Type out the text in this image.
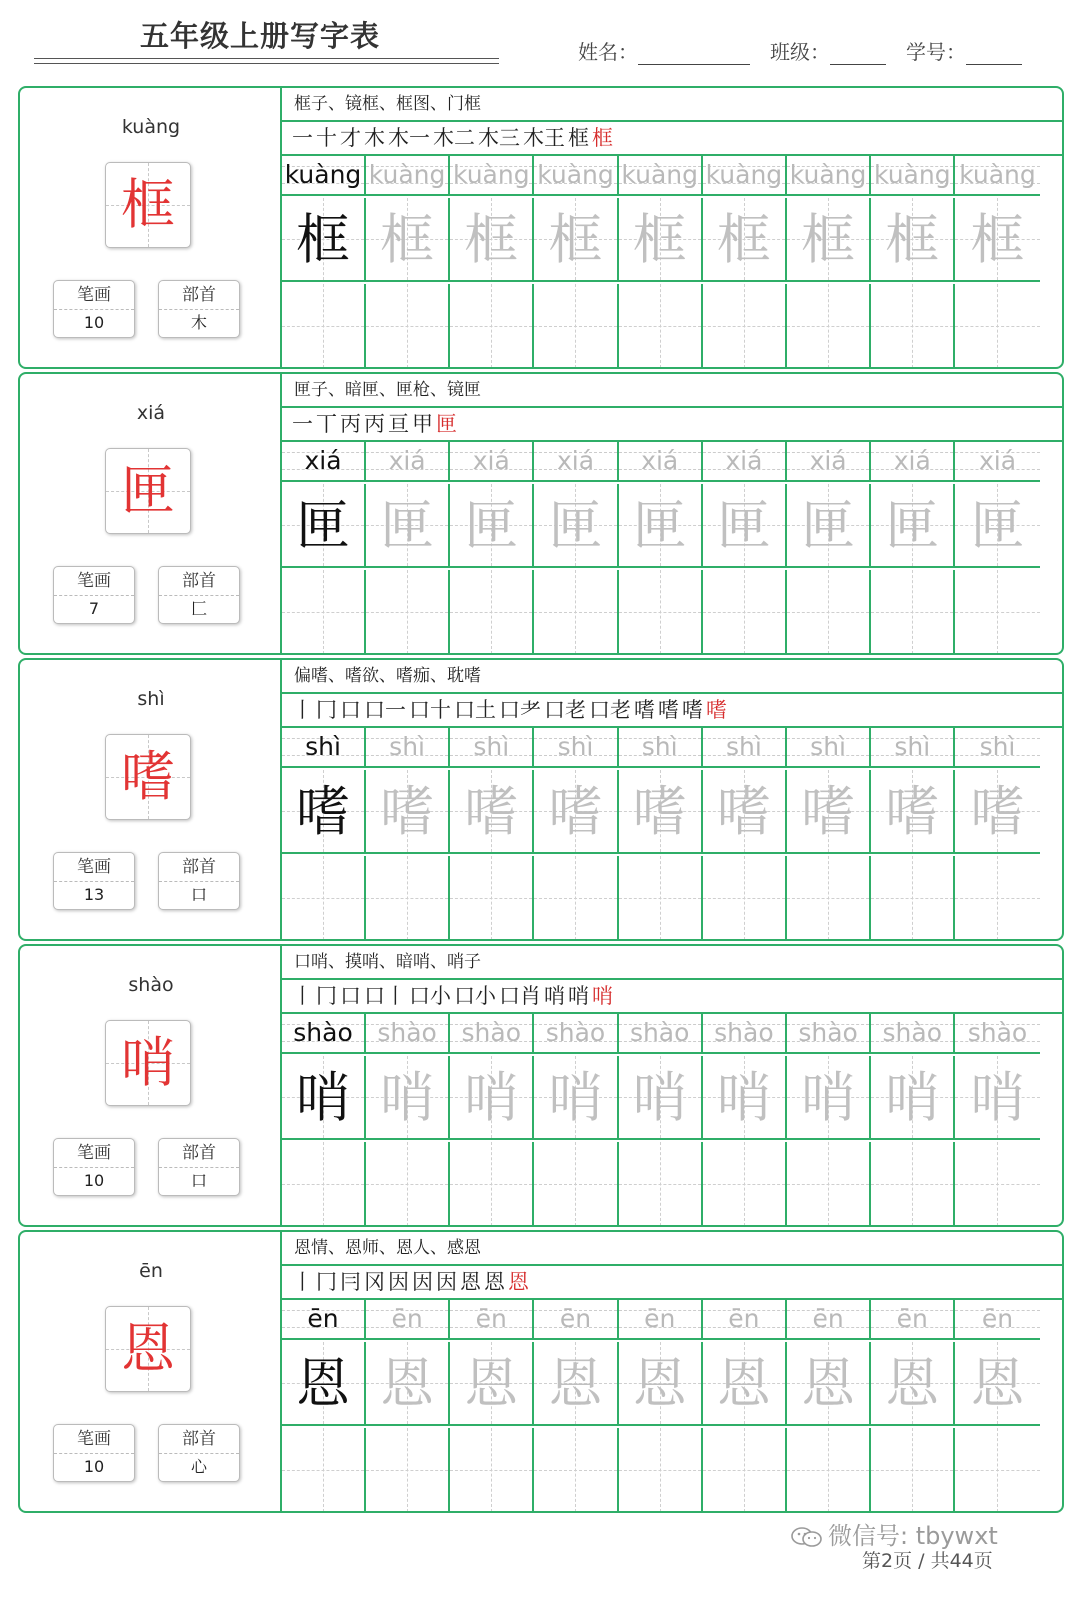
五年级上册写字表	姓名：	班级：	学号：
kuàng
框
笔画
10
部首
木
框子、镜框、框图、门框
一 十 才 木 木一 木二 木三 木王 框 框
kuàng
框
kuàng
框
kuàng
框
kuàng
框
kuàng
框
kuàng
框
kuàng
框
kuàng
框
kuàng
框
xiá
匣
笔画
7
部首
匚
匣子、暗匣、匣枪、镜匣
一 丅 丙 丙 亘 甲 匣
xiá
匣
xiá
匣
xiá
匣
xiá
匣
xiá
匣
xiá
匣
xiá
匣
xiá
匣
xiá
匣
shì
嗜
笔画
13
部首
口
偏嗜、嗜欲、嗜痂、耽嗜
丨 冂 口 口一 口十 口土 口耂 口老 口老 嗜 嗜 嗜 嗜
shì
嗜
shì
嗜
shì
嗜
shì
嗜
shì
嗜
shì
嗜
shì
嗜
shì
嗜
shì
嗜
shào
哨
笔画
10
部首
口
口哨、摸哨、暗哨、哨子
丨 冂 口 口丨 口小 口小 口肖 哨 哨 哨
shào
哨
shào
哨
shào
哨
shào
哨
shào
哨
shào
哨
shào
哨
shào
哨
shào
哨
ēn
恩
笔画
10
部首
心
恩情、恩师、恩人、感恩
丨 冂 冃 冈 因 因 因 恩 恩 恩
ēn
恩
ēn
恩
ēn
恩
ēn
恩
ēn
恩
ēn
恩
ēn
恩
ēn
恩
ēn
恩
微信号: tbywxt
第2页 / 共44页
